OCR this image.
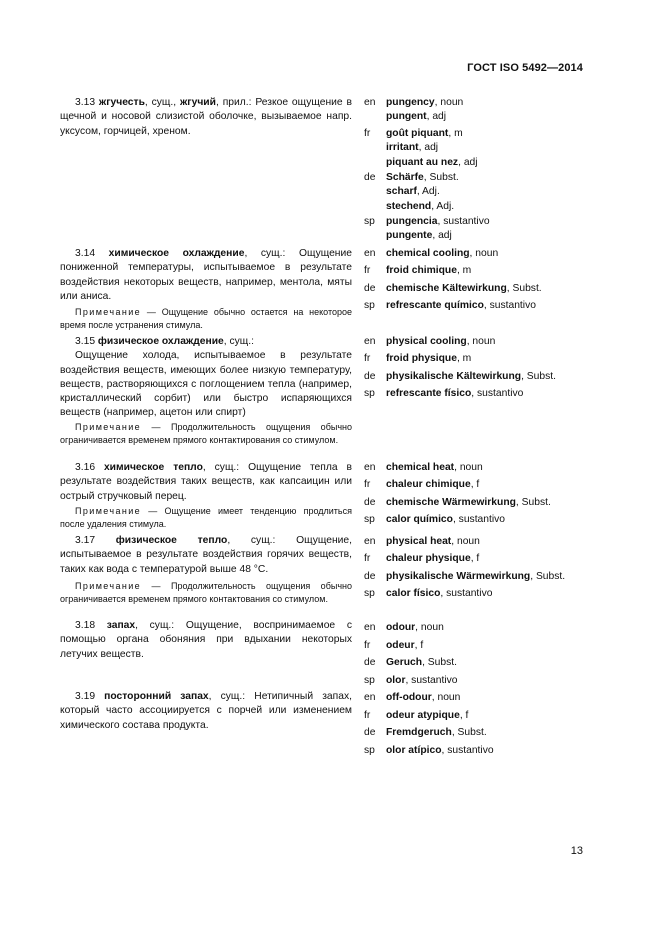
ГОСТ ISO 5492—2014

3.13 жгучесть, сущ., жгучий, прил.: Резкое ощущение в щечной и носовой слизистой оболочке, вызываемое напр. уксусом, горчицей, хреном.

3.14 химическое охлаждение, сущ.: Ощущение пониженной температуры, испытываемое в результате воздействия некоторых веществ, например, ментола, мяты или аниса.

Примечание — Ощущение обычно остается на некоторое время после устранения стимула.

3.15 физическое охлаждение, сущ.:

Ощущение холода, испытываемое в результате воздействия веществ, имеющих более низкую температуру, веществ, растворяющихся с поглощением тепла (например, кристаллический сорбит) или быстро испаряющихся веществ (например, ацетон или спирт)

Примечание — Продолжительность ощущения обычно ограничивается временем прямого контактирования со стимулом.

3.16 химическое тепло, сущ.: Ощущение тепла в результате воздействия таких веществ, как капсаицин или острый стручковый перец.

Примечание — Ощущение имеет тенденцию продлиться после удаления стимула.

3.17 физическое тепло, сущ.: Ощущение, испытываемое в результате воздействия горячих веществ, таких как вода с температурой выше 48 °С.

Примечание — Продолжительность ощущения обычно ограничивается временем прямого контактования со стимулом.

3.18 запах, сущ.: Ощущение, воспринимаемое с помощью органа обоняния при вдыхании некоторых летучих веществ.

3.19 посторонний запах, сущ.: Нетипичный запах, который часто ассоциируется с порчей или изменением химического состава продукта.

en pungency, noun
pungent, adj
fr goût piquant, m
irritant, adj
piquant au nez, adj
de Schärfe, Subst.
scharf, Adj.
stechend, Adj.
sp pungencia, sustantivo
pungente, adj
en chemical cooling, noun
fr froid chimique, m
de chemische Kältewirkung, Subst.
sp refrescante químico, sustantivo
en physical cooling, noun
fr froid physique, m
de physikalische Kältewirkung, Subst.
sp refrescante físico, sustantivo
en chemical heat, noun
fr chaleur chimique, f
de chemische Wärmewirkung, Subst.
sp calor químico, sustantivo
en physical heat, noun
fr chaleur physique, f
de physikalische Wärmewirkung, Subst.
sp calor físico, sustantivo
en odour, noun
fr odeur, f
de Geruch, Subst.
sp olor, sustantivo
en off-odour, noun
fr odeur atypique, f
de Fremdgeruch, Subst.
sp olor atípico, sustantivo
13
